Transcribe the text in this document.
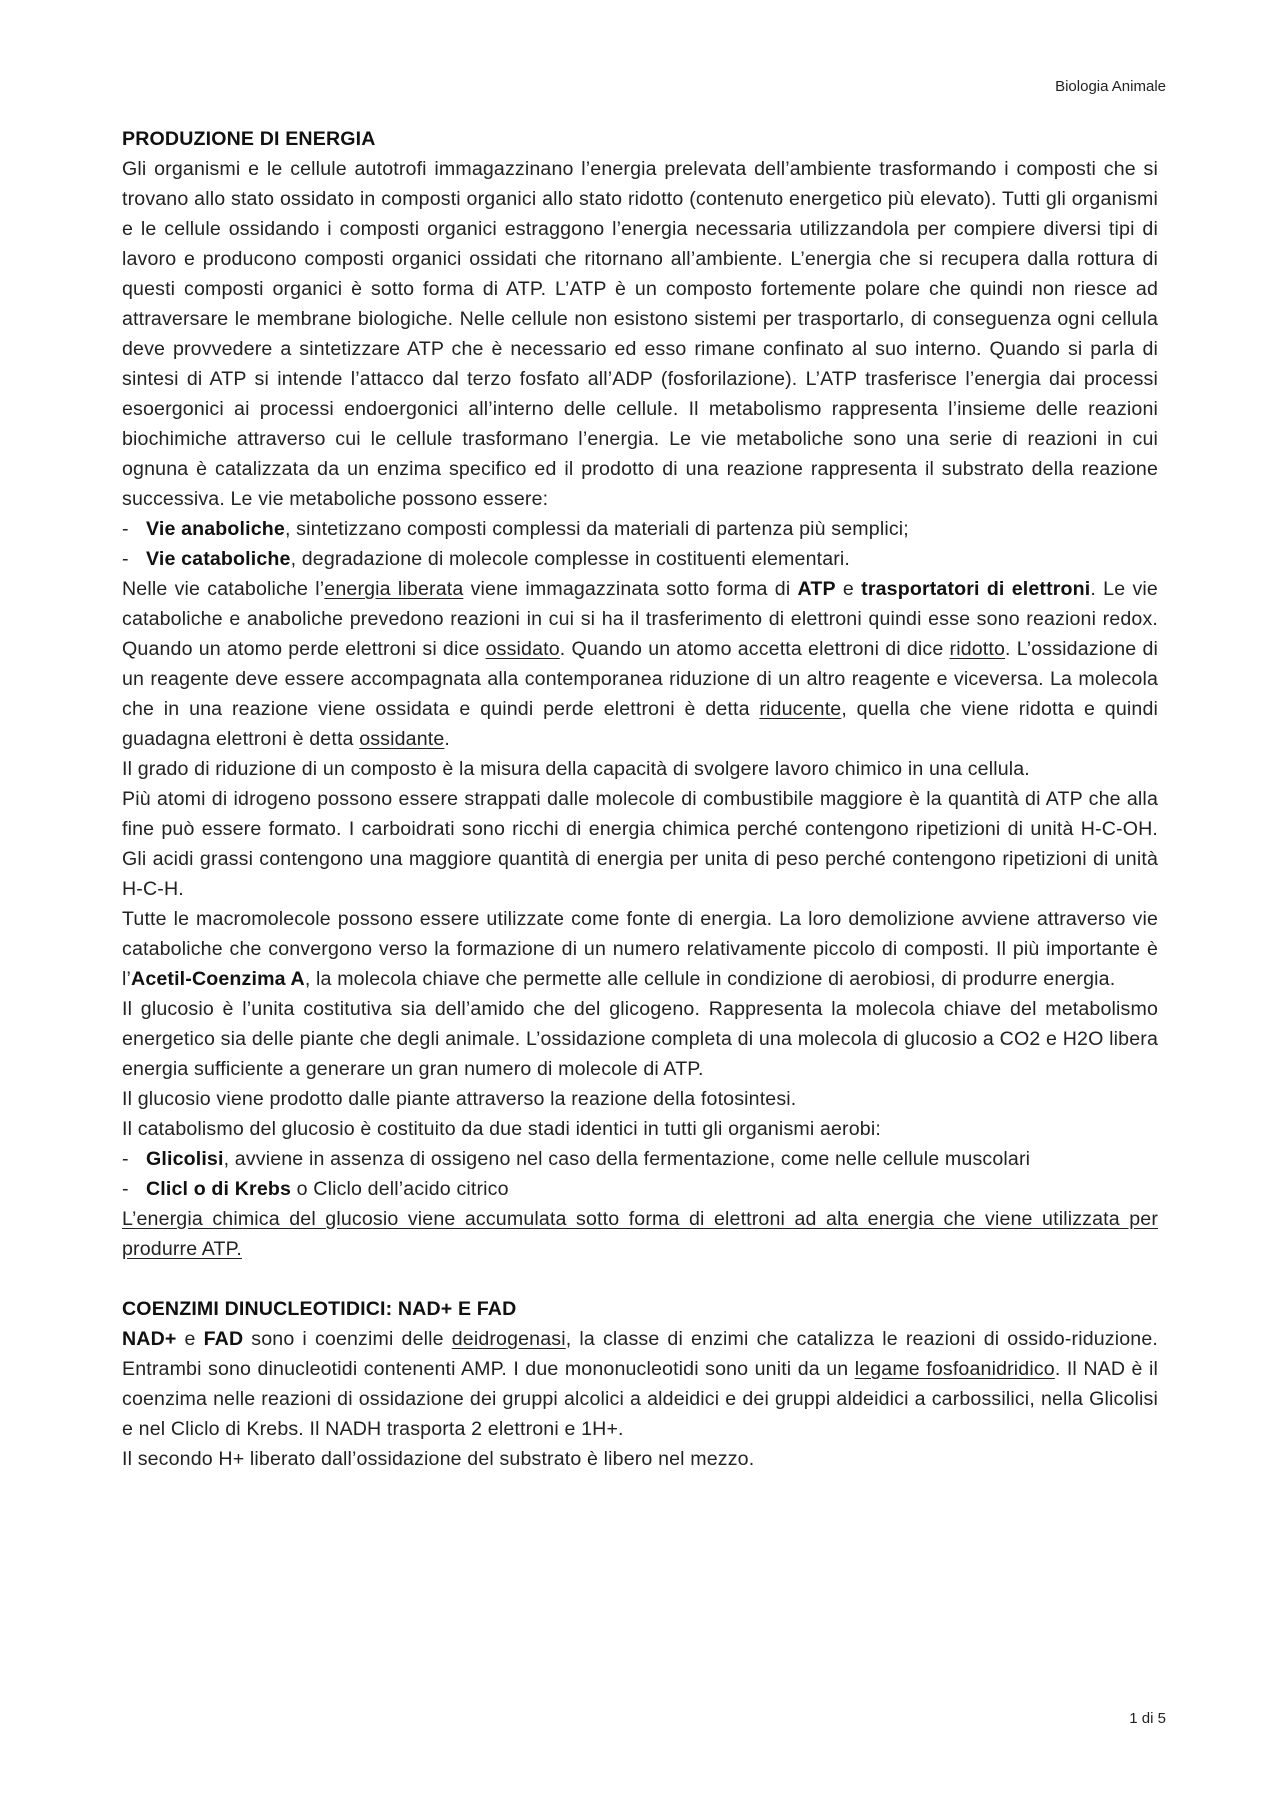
Biologia Animale
PRODUZIONE DI ENERGIA

Gli organismi e le cellule autotrofi immagazzinano l’energia prelevata dell’ambiente trasformando i composti che si trovano allo stato ossidato in composti organici allo stato ridotto (contenuto energetico più elevato). Tutti gli organismi e le cellule ossidando i composti organici estraggono l’energia necessaria utilizzandola per compiere diversi tipi di lavoro e producono composti organici ossidati che ritornano all’ambiente. L’energia che si recupera dalla rottura di questi composti organici è sotto forma di ATP. L’ATP è un composto fortemente polare che quindi non riesce ad attraversare le membrane biologiche. Nelle cellule non esistono sistemi per trasportarlo, di conseguenza ogni cellula deve provvedere a sintetizzare ATP che è necessario ed esso rimane confinato al suo interno. Quando si parla di sintesi di ATP si intende l’attacco dal terzo fosfato all’ADP (fosforilazione). L’ATP trasferisce l’energia dai processi esoergonici ai processi endoergonici all’interno delle cellule. Il metabolismo rappresenta l’insieme delle reazioni biochimiche attraverso cui le cellule trasformano l’energia. Le vie metaboliche sono una serie di reazioni in cui ognuna è catalizzata da un enzima specifico ed il prodotto di una reazione rappresenta il substrato della reazione successiva. Le vie metaboliche possono essere:

- Vie anaboliche, sintetizzano composti complessi da materiali di partenza più semplici;
- Vie cataboliche, degradazione di molecole complesse in costituenti elementari.

Nelle vie cataboliche l’energia liberata viene immagazzinata sotto forma di ATP e trasportatori di elettroni. Le vie cataboliche e anaboliche prevedono reazioni in cui si ha il trasferimento di elettroni quindi esse sono reazioni redox. Quando un atomo perde elettroni si dice ossidato. Quando un atomo accetta elettroni di dice ridotto. L’ossidazione di un reagente deve essere accompagnata alla contemporanea riduzione di un altro reagente e viceversa. La molecola che in una reazione viene ossidata e quindi perde elettroni è detta riducente, quella che viene ridotta e quindi guadagna elettroni è detta ossidante.

Il grado di riduzione di un composto è la misura della capacità di svolgere lavoro chimico in una cellula.

Più atomi di idrogeno possono essere strappati dalle molecole di combustibile maggiore è la quantità di ATP che alla fine può essere formato. I carboidrati sono ricchi di energia chimica perché contengono ripetizioni di unità H-C-OH. Gli acidi grassi contengono una maggiore quantità di energia per unita di peso perché contengono ripetizioni di unità H-C-H.

Tutte le macromolecole possono essere utilizzate come fonte di energia. La loro demolizione avviene attraverso vie cataboliche che convergono verso la formazione di un numero relativamente piccolo di composti. Il più importante è l’Acetil-Coenzima A, la molecola chiave che permette alle cellule in condizione di aerobiosi, di produrre energia.

Il glucosio è l’unita costitutiva sia dell’amido che del glicogeno. Rappresenta la molecola chiave del metabolismo energetico sia delle piante che degli animale. L’ossidazione completa di una molecola di glucosio a CO2 e H2O libera energia sufficiente a generare un gran numero di molecole di ATP.

Il glucosio viene prodotto dalle piante attraverso la reazione della fotosintesi.

Il catabolismo del glucosio è costituito da due stadi identici in tutti gli organismi aerobi:

- Glicolisi, avviene in assenza di ossigeno nel caso della fermentazione, come nelle cellule muscolari
- Clicl o di Krebs o Cliclo dell’acido citrico

L’energia chimica del glucosio viene accumulata sotto forma di elettroni ad alta energia che viene utilizzata per produrre ATP.

COENZIMI DINUCLEOTIDICI: NAD+ E FAD

NAD+ e FAD sono i coenzimi delle deidrogenasi, la classe di enzimi che catalizza le reazioni di ossido-riduzione. Entrambi sono dinucleotidi contenenti AMP. I due mononucleotidi sono uniti da un legame fosfoanidridico. Il NAD è il coenzima nelle reazioni di ossidazione dei gruppi alcolici a aldeidici e dei gruppi aldeidici a carbossilici, nella Glicolisi e nel Cliclo di Krebs. Il NADH trasporta 2 elettroni e 1H+.

Il secondo H+ liberato dall’ossidazione del substrato è libero nel mezzo.

1 di 5
